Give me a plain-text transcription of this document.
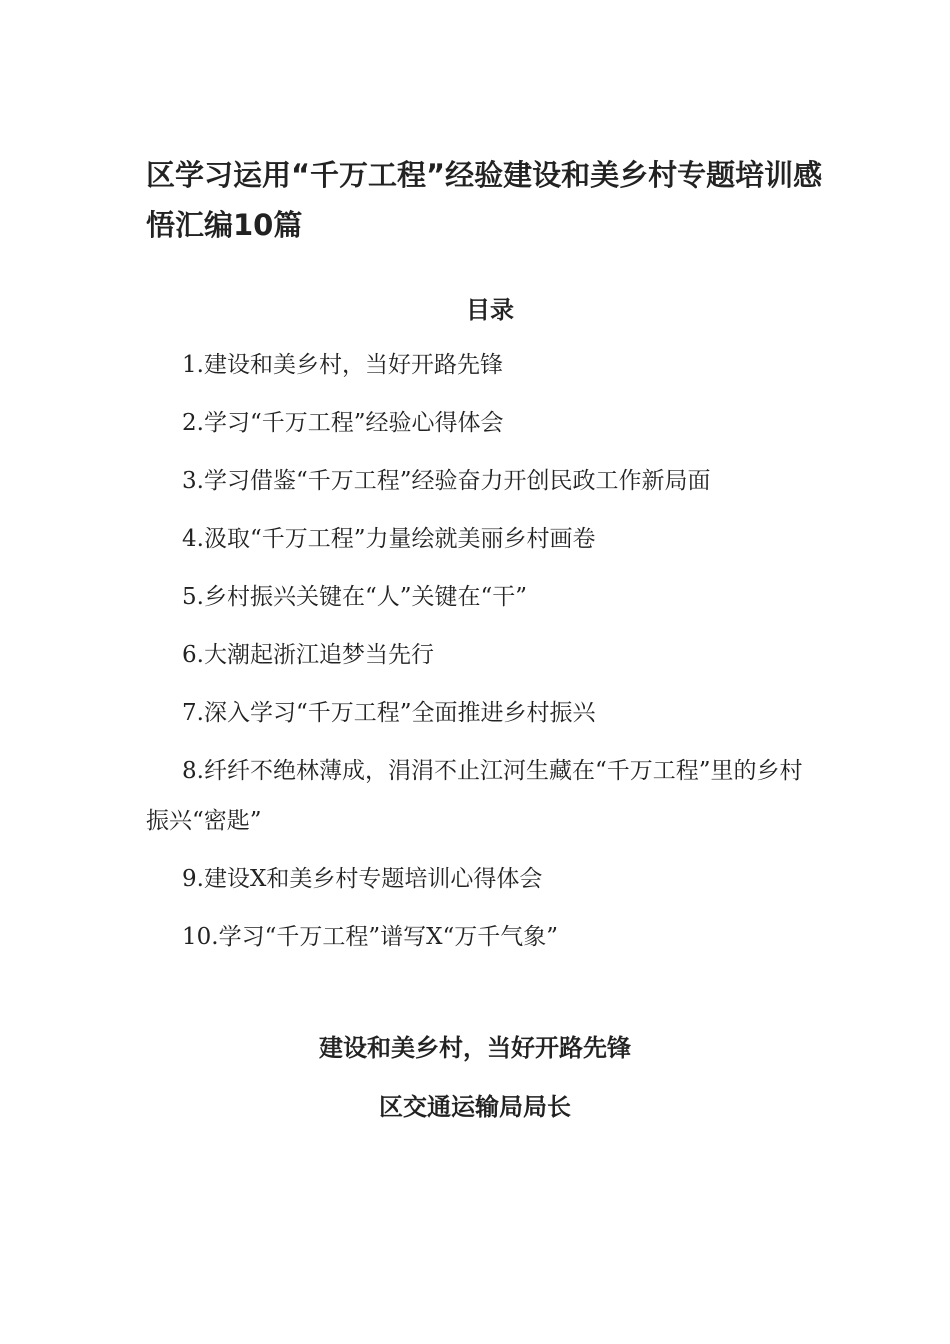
区学习运用“千万工程”经验建设和美乡村专题培训感悟汇编10篇
目录
1.建设和美乡村，当好开路先锋
2.学习“千万工程”经验心得体会
3.学习借鉴“千万工程”经验奋力开创民政工作新局面
4.汲取“千万工程”力量绘就美丽乡村画卷
5.乡村振兴关键在“人”关键在“干”
6.大潮起浙江追梦当先行
7.深入学习“千万工程”全面推进乡村振兴
8.纤纤不绝林薄成，涓涓不止江河生藏在“千万工程”里的乡村振兴“密匙”
9.建设X和美乡村专题培训心得体会
10.学习“千万工程”谱写X“万千气象”
建设和美乡村，当好开路先锋
区交通运输局局长
